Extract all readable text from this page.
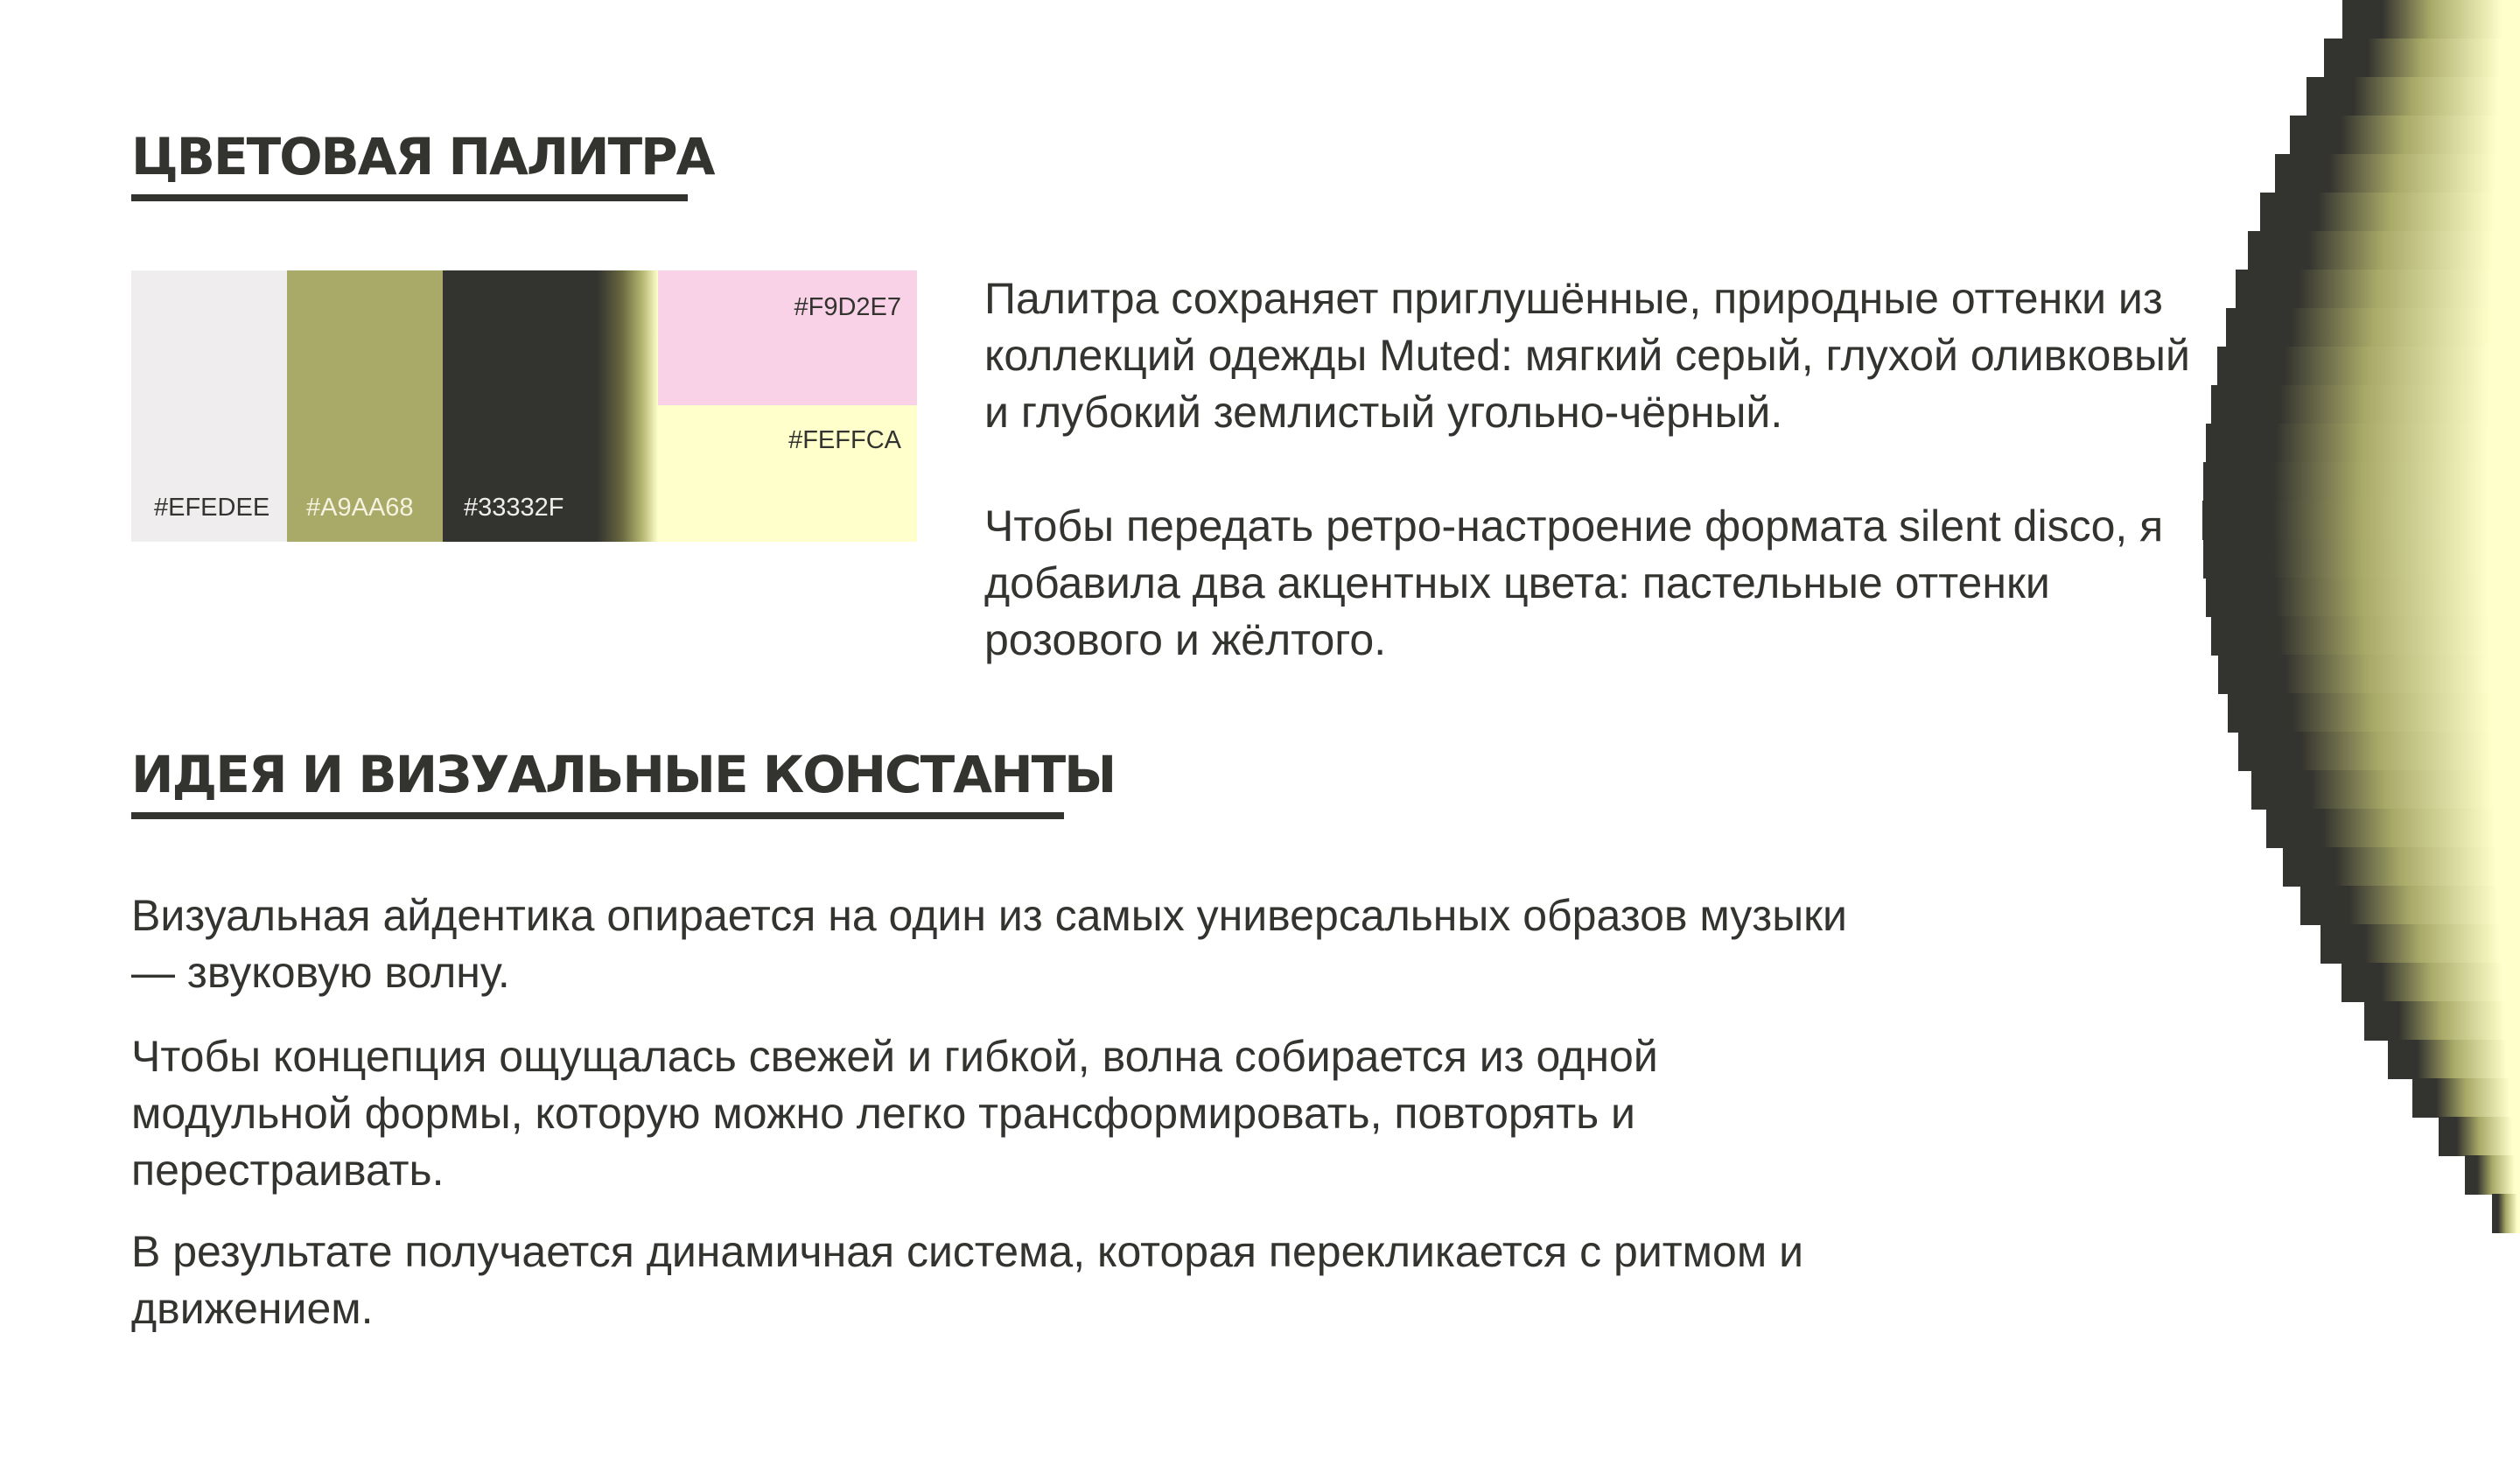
ЦВЕТОВАЯ ПАЛИТРА
#EFEDEE #A9AA68 #33332F
#F9D2E7
#FEFFCA

Палитра сохраняет приглушённые, природные оттенки из коллекций одежды Muted: мягкий серый, глухой оливковый и глубокий землистый угольно-чёрный.

Чтобы передать ретро-настроение формата silent disco, я добавила два акцентных цвета: пастельные оттенки розового и жёлтого.

ИДЕЯ И ВИЗУАЛЬНЫЕ КОНСТАНТЫ

Визуальная айдентика опирается на один из самых универсальных образов музыки — звуковую волну.

Чтобы концепция ощущалась свежей и гибкой, волна собирается из одной модульной формы, которую можно легко трансформировать, повторять и перестраивать.

В результате получается динамичная система, которая перекликается с ритмом и движением.
